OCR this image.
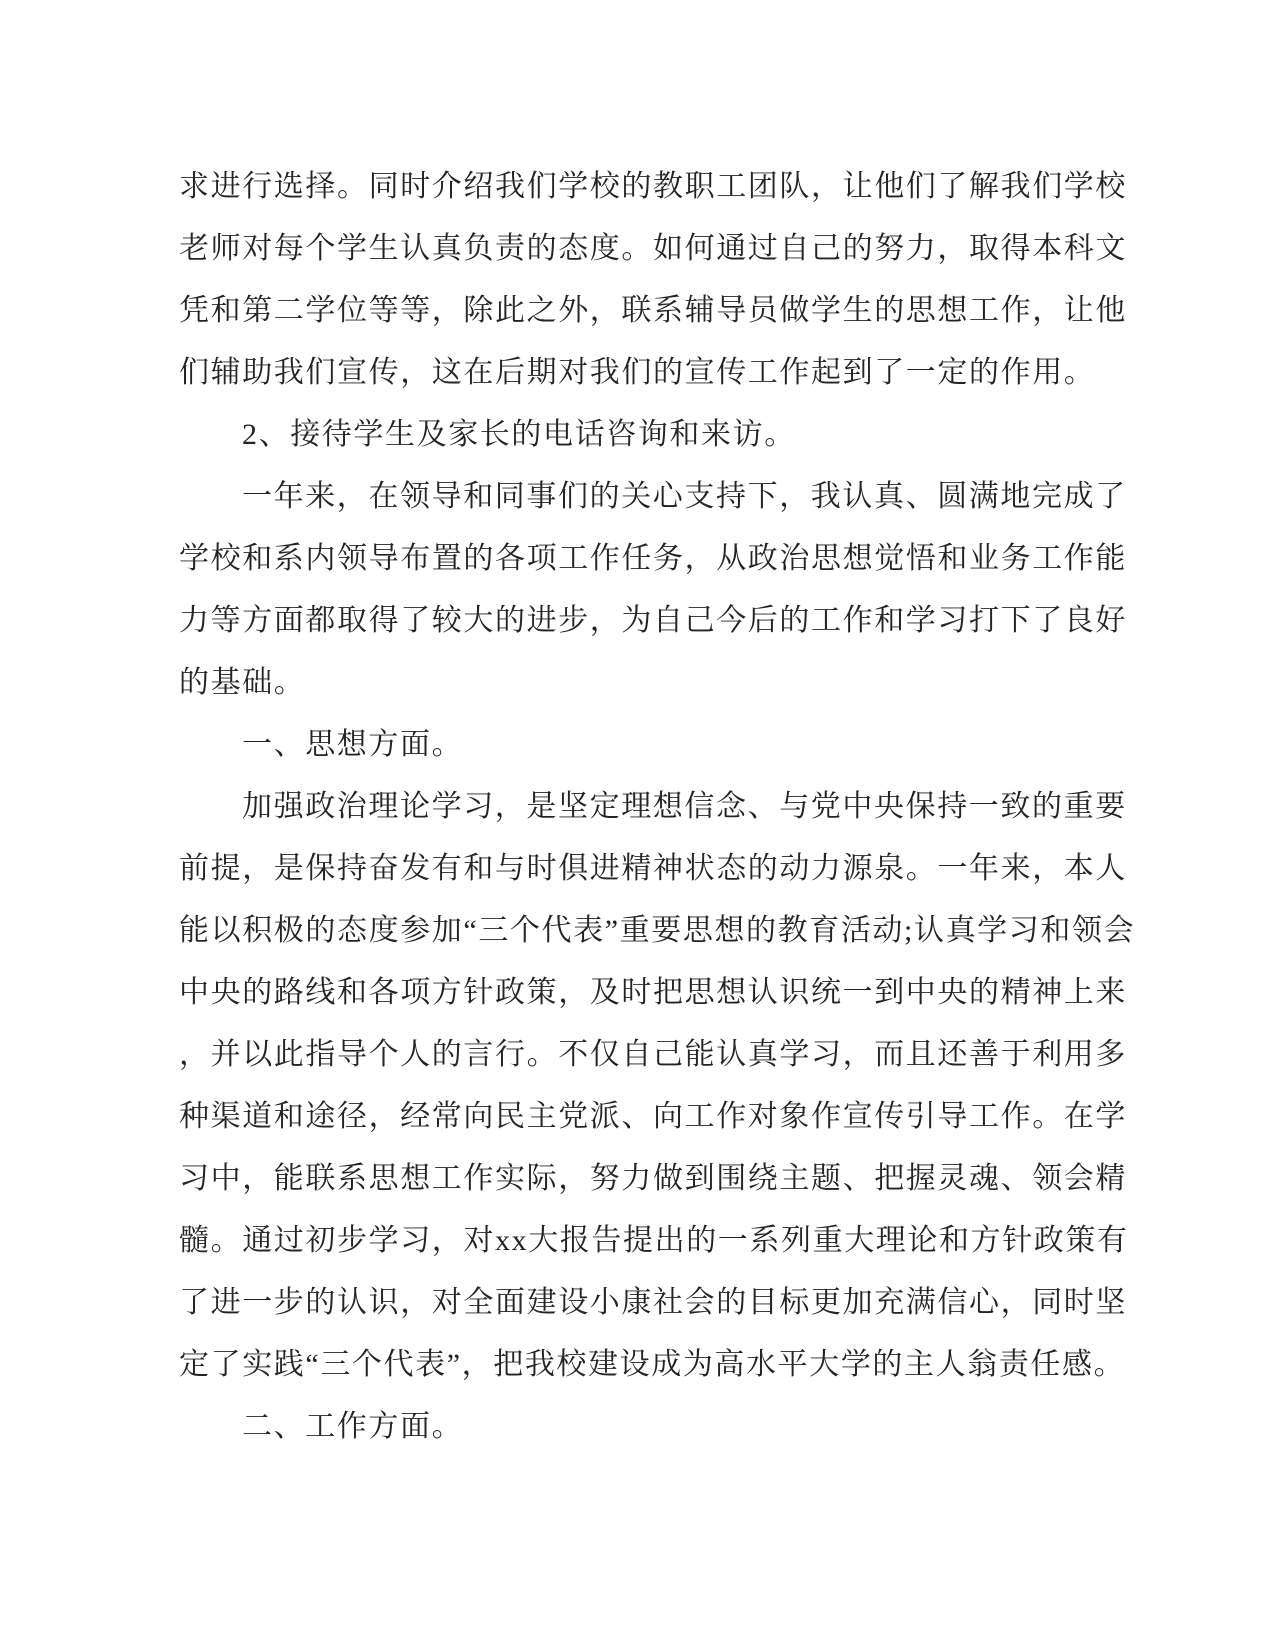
求进行选择。同时介绍我们学校的教职工团队，让他们了解我们学校
老师对每个学生认真负责的态度。如何通过自己的努力，取得本科文
凭和第二学位等等，除此之外，联系辅导员做学生的思想工作，让他
们辅助我们宣传，这在后期对我们的宣传工作起到了一定的作用。
2、接待学生及家长的电话咨询和来访。
一年来，在领导和同事们的关心支持下，我认真、圆满地完成了
学校和系内领导布置的各项工作任务，从政治思想觉悟和业务工作能
力等方面都取得了较大的进步，为自己今后的工作和学习打下了良好
的基础。
一、思想方面。
加强政治理论学习，是坚定理想信念、与党中央保持一致的重要
前提，是保持奋发有和与时俱进精神状态的动力源泉。一年来，本人
能以积极的态度参加“三个代表”重要思想的教育活动;认真学习和领会
中央的路线和各项方针政策，及时把思想认识统一到中央的精神上来
，并以此指导个人的言行。不仅自己能认真学习，而且还善于利用多
种渠道和途径，经常向民主党派、向工作对象作宣传引导工作。在学
习中，能联系思想工作实际，努力做到围绕主题、把握灵魂、领会精
髓。通过初步学习，对xx大报告提出的一系列重大理论和方针政策有
了进一步的认识，对全面建设小康社会的目标更加充满信心，同时坚
定了实践“三个代表”，把我校建设成为高水平大学的主人翁责任感。
二、工作方面。
